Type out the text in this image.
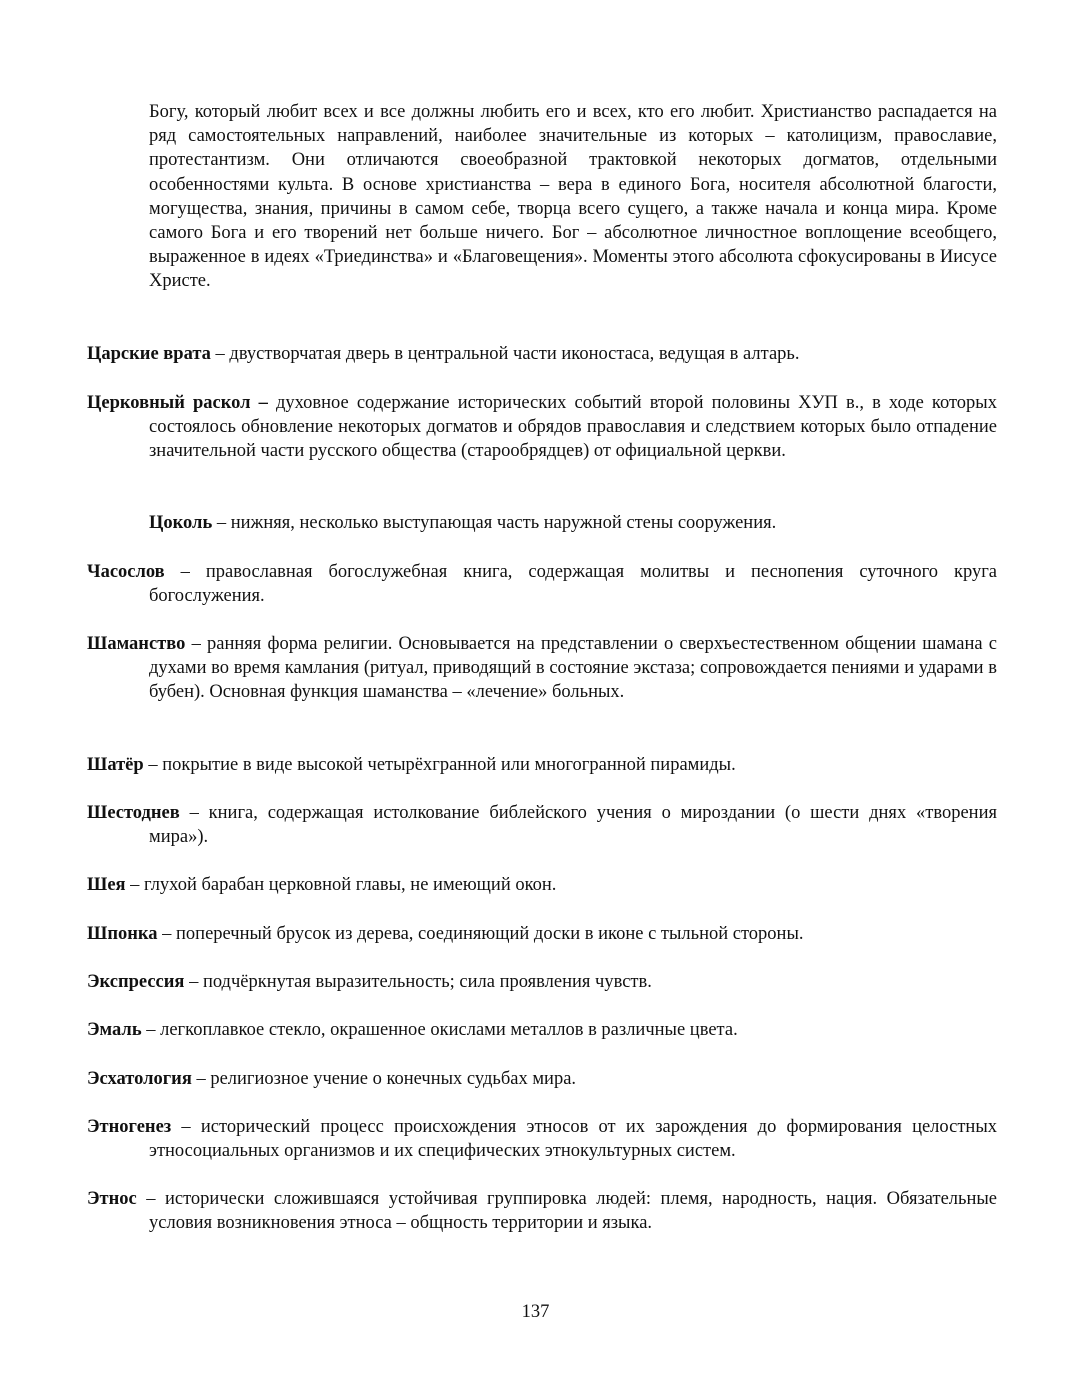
Богу, который любит всех и все должны любить его и всех, кто его любит. Христианство распадается на ряд самостоятельных направлений, наиболее значительные из которых – католицизм, православие, протестантизм. Они отличаются своеобразной трактовкой некоторых догматов, отдельными особенностями культа. В основе христианства – вера в единого Бога, носителя абсолютной благости, могущества, знания, причины в самом себе, творца всего сущего, а также начала и конца мира. Кроме самого Бога и его творений нет больше ничего. Бог – абсолютное личностное воплощение всеобщего, выраженное в идеях «Триединства» и «Благовещения». Моменты этого абсолюта сфокусированы в Иисусе Христе.

Царские врата – двустворчатая дверь в центральной части иконостаса, ведущая в алтарь.

Церковный раскол – духовное содержание исторических событий второй половины ХУП в., в ходе которых состоялось обновление некоторых догматов и обрядов православия и следствием которых было отпадение значительной части русского общества (старообрядцев) от официальной церкви.

Цоколь – нижняя, несколько выступающая часть наружной стены сооружения.

Часослов – православная богослужебная книга, содержащая молитвы и песнопения суточного круга богослужения.

Шаманство – ранняя форма религии. Основывается на представлении о сверхъестественном общении шамана с духами во время камлания (ритуал, приводящий в состояние экстаза; сопровождается пениями и ударами в бубен). Основная функция шаманства – «лечение» больных.

Шатёр – покрытие в виде высокой четырёхгранной или многогранной пирамиды.

Шестоднев – книга, содержащая истолкование библейского учения о мироздании (о шести днях «творения мира»).

Шея – глухой барабан церковной главы, не имеющий окон.

Шпонка – поперечный брусок из дерева, соединяющий доски в иконе с тыльной стороны.

Экспрессия – подчёркнутая выразительность; сила проявления чувств.

Эмаль – легкоплавкое стекло, окрашенное окислами металлов в различные цвета.

Эсхатология – религиозное учение о конечных судьбах мира.

Этногенез – исторический процесс происхождения этносов от их зарождения до формирования целостных этносоциальных организмов и их специфических этнокультурных систем.

Этнос – исторически сложившаяся устойчивая группировка людей: племя, народность, нация. Обязательные условия возникновения этноса – общность территории и языка.

137
